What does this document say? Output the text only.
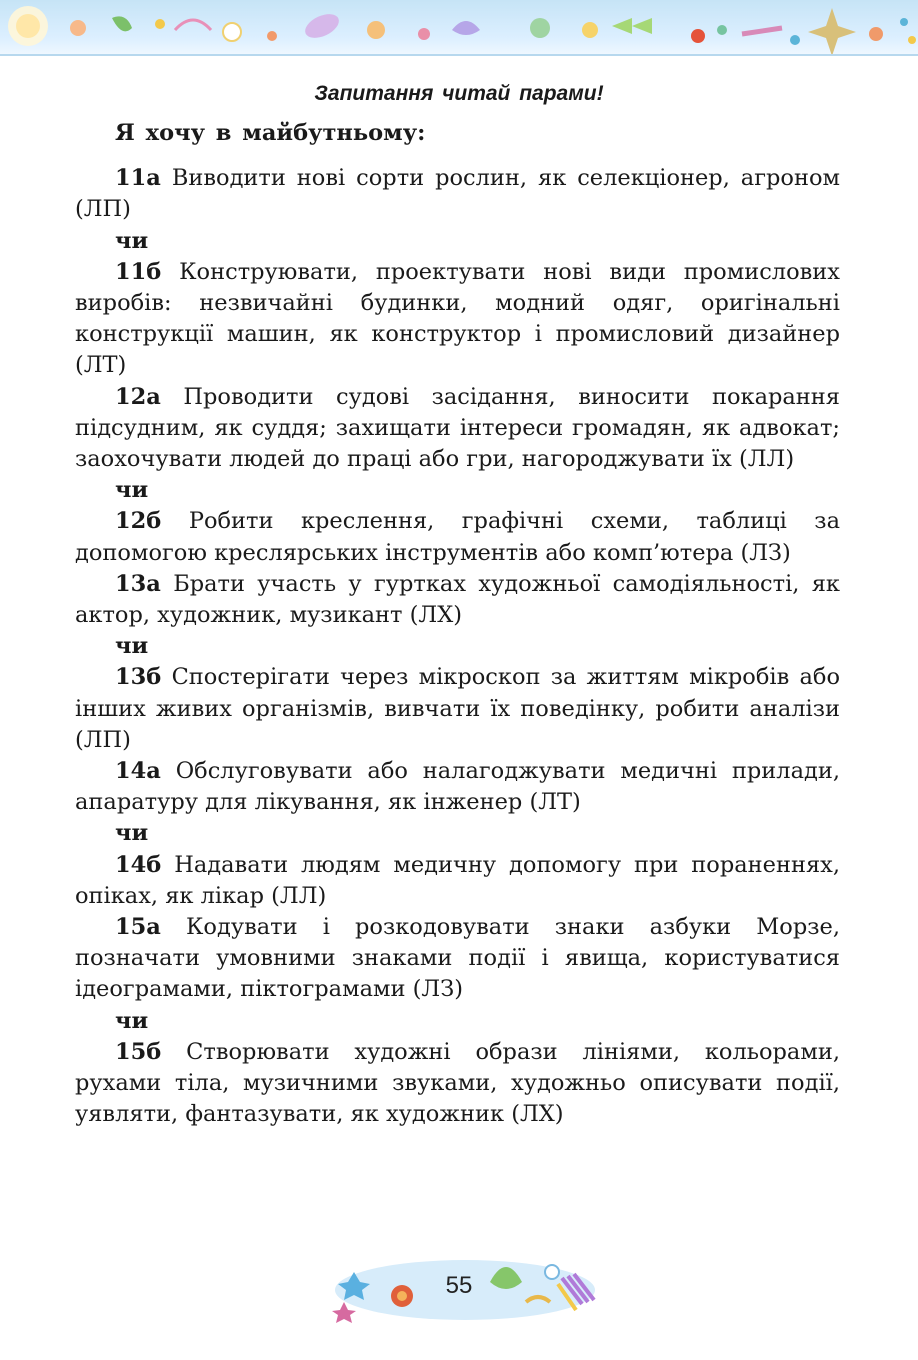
Запитання читай парами!
Я хочу в майбутньому:

11а Виводити нові сорти рослин, як селекціонер, агроном (ЛП)

чи

11б Конструювати, проектувати нові види промислових виробів: незвичайні будинки, модний одяг, оригінальні конструкції машин, як конструктор і промисловий дизайнер (ЛТ)

12а Проводити судові засідання, виносити покарання підсудним, як суддя; захищати інтереси громадян, як адвокат; заохочувати людей до праці або гри, нагороджувати їх (ЛЛ)

чи

12б Робити креслення, графічні схеми, таблиці за допомогою креслярських інструментів або комп’ютера (ЛЗ)

13а Брати участь у гуртках художньої самодіяльності, як актор, художник, музикант (ЛХ)

чи

13б Спостерігати через мікроскоп за життям мікробів або інших живих організмів, вивчати їх поведінку, робити аналізи (ЛП)

14а Обслуговувати або налагоджувати медичні прилади, апаратуру для лікування, як інженер (ЛТ)

чи

14б Надавати людям медичну допомогу при пораненнях, опіках, як лікар (ЛЛ)

15а Кодувати і розкодовувати знаки азбуки Морзе, позначати умовними знаками події і явища, користуватися ідеограмами, піктограмами (ЛЗ)

чи

15б Створювати художні образи лініями, кольорами, рухами тіла, музичними звуками, художньо описувати події, уявляти, фантазувати, як художник (ЛХ)

55
